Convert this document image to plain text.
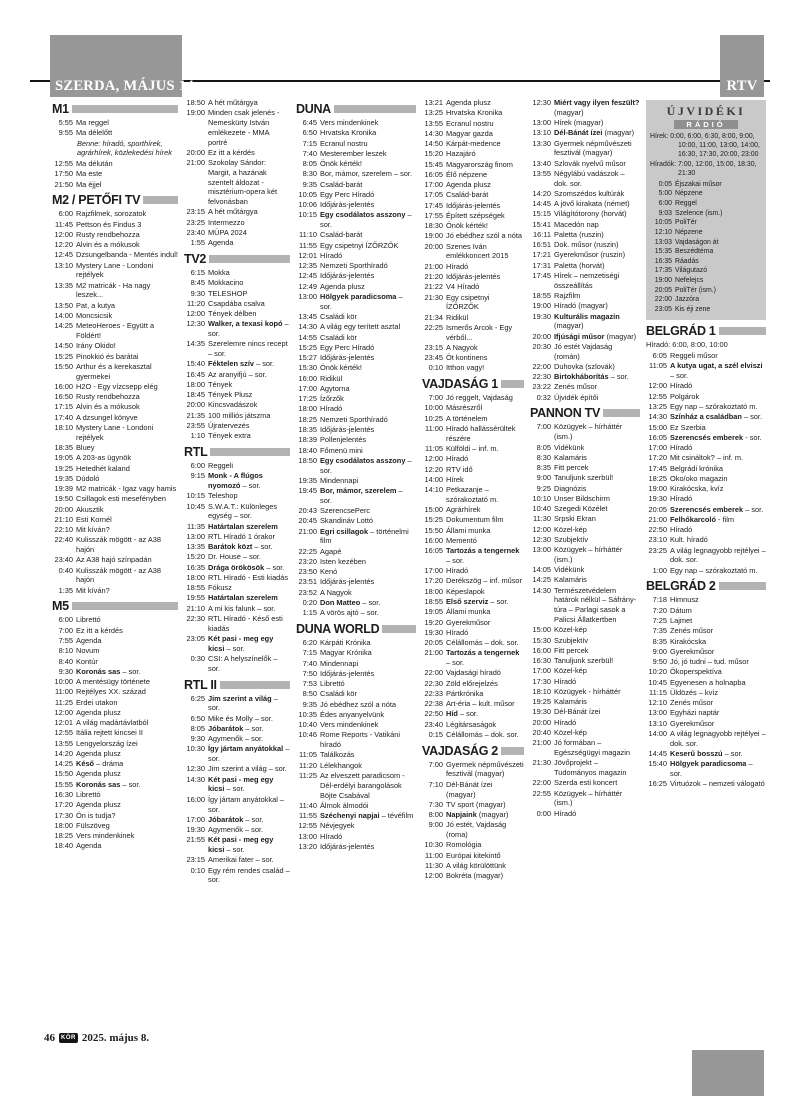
SZERDA, MÁJUS 14.	RTV
M1
5:55 Ma reggel
9:55 Ma délelőtt
Benne: híradó, sporthírek, agrárhírek, közlekedési hírek
12:55 Ma délután
17:50 Ma este
21:50 Ma éjjel
M2 / PETŐFI TV
6:00 Rajzfilmek, sorozatok
11:45 Pettson és Findus 3
12:00 Rusty rendbehozza
12:20 Alvin és a mókusok
12:45 Dzsungelbanda - Mentés indul!
13:10 Mystery Lane - Londoni rejtélyek
13:35 M2 matricák - Ha nagy leszek...
13:50 Pat, a kutya
14:00 Moncsicsik
14:25 MeteoHeroes - Együtt a Földért!
14:50 Irány Okido!
15:25 Pinokkió és barátai
15:50 Arthur és a kerekasztal gyermekei
16:00 H2O - Egy vízcsepp elég
16:50 Rusty rendbehozza
17:15 Alvin és a mókusok
17:40 A dzsungel könyve
18:10 Mystery Lane - Londoni rejtélyek
18:35 Bluey
19:05 A 203-as ügynök
19:25 Hetedhét kaland
19:35 Dúdoló
19:39 M2 matricák - Igaz vagy hamis
19:50 Csillagok esti mesefényben
20:00 Akusztik
21:10 Esti Kornél
22:10 Mit kíván?
22:40 Kulisszák mögött - az A38 hajón
23:40 Az A38 hajó színpadán
0:40 Kulisszák mögött - az A38 hajón
1:35 Mit kíván?
M5
6:00 Librettó
7:00 Ez itt a kérdés
7:55 Agenda
8:10 Novum
8:40 Kontúr
9:30 Koronás sas – sor.
10:00 A mentésügy története
11:00 Rejtélyes XX. század
11:25 Erdei utakon
12:00 Agenda plusz
12:01 A világ madártávlatból
12:55 Itália rejtett kincsei II
13:55 Lengyelország ízei
14:20 Agenda plusz
14:25 Késő – dráma
15:50 Agenda plusz
15:55 Koronás sas – sor.
16:30 Librettó
17:20 Agenda plusz
17:30 Ön is tudja?
18:00 Fülszöveg
18:25 Vers mindenkinek
18:40 Agenda
18:50 A hét műtárgya
19:00 Minden csak jelenés - Nemeskürty István emlékezete - MMA portré
20:00 Ez itt a kérdés
21:00 Szokolay Sándor: Margit, a hazának szentelt áldozat - misztérium-opera két felvonásban
23:15 A hét műtárgya
23:25 Intermezzo
23:40 MÜPA 2024
1:55 Agenda
TV2
6:15 Mokka
8:45 Mokkacino
9:30 TELESHOP
11:20 Csapdába csalva
12:00 Tények délben
12:30 Walker, a texasi kopó – sor.
14:35 Szerelemre nincs recept – sor.
15:40 Féktelen szív – sor.
16:45 Az aranyifjú – sor.
18:00 Tények
18:45 Tények Plusz
20:00 Kincsvadászok
21:35 100 milliós játszma
23:55 Újratervezés
1:10 Tények extra
RTL
6:00 Reggeli
9:15 Monk - A flúgos nyomozó – sor.
10:15 Teleshop
10:45 S.W.A.T.: Különleges egység – sor.
11:35 Határtalan szerelem
13:00 RTL Híradó 1 órakor
13:35 Barátok közt – sor.
15:20 Dr. House – sor.
16:35 Drága örökösök – sor.
18:00 RTL Híradó - Esti kiadás
18:55 Fókusz
19:55 Határtalan szerelem
21:10 A mi kis falunk – sor.
22:30 RTL Híradó - Késő esti kiadás
23:05 Két pasi - meg egy kicsi – sor.
0:30 CSI: A helyszínelők – sor.
RTL II
6:25 Jim szerint a világ – sor.
6:50 Mike és Molly – sor.
8:05 Jóbarátok – sor.
9:30 Agymenők – sor.
10:30 Így jártam anyátokkal – sor.
12:30 Jim szerint a világ – sor.
14:30 Két pasi - meg egy kicsi – sor.
16:00 Így jártam anyátokkal – sor.
17:00 Jóbarátok – sor.
19:30 Agymenők – sor.
21:55 Két pasi - meg egy kicsi – sor.
23:15 Amerikai fater – sor.
0:10 Egy rém rendes család – sor.
DUNA
6:45 Vers mindenkinek
6:50 Hrvatska Kronika
7:15 Ecranul nostru
7:40 Mesterember leszek
8:05 Önök kérték!
8:30 Bor, mámor, szerelem – sor.
9:35 Család-barát
10:05 Egy Perc Híradó
10:06 Időjárás-jelentés
10:15 Egy csodálatos asszony – sor.
11:10 Család-barát
11:55 Egy csipetnyi ÍZŐRZŐK
12:01 Híradó
12:35 Nemzeti Sporthíradó
12:45 Időjárás-jelentés
12:49 Agenda plusz
13:00 Hölgyek paradicsoma – sor.
13:45 Családi kör
14:30 A világ egy terített asztal
14:55 Családi kör
15:25 Egy Perc Híradó
15:27 Időjárás-jelentés
15:30 Önök kérték!
16:00 Ridikül
17:00 Agytorna
17:25 Ízőrzők
18:00 Híradó
18:25 Nemzeti Sporthíradó
18:35 Időjárás-jelentés
18:39 Pollenjelentés
18:40 Főmenü mini
18:50 Egy csodálatos asszony – sor.
19:35 Mindennapi
19:45 Bor, mámor, szerelem – sor.
20:43 SzerencsePerc
20:45 Skandináv Lottó
21:00 Egri csillagok – történelmi film
22:25 Agapé
23:20 Isten kezében
23:50 Kenó
23:51 Időjárás-jelentés
23:52 A Nagyok
0:20 Don Matteo – sor.
1:15 A vörös ajtó – sor.
DUNA WORLD
6:20 Kárpáti Krónika
7:15 Magyar Krónika
7:40 Mindennapi
7:50 Időjárás-jelentés
7:53 Librettó
8:50 Családi kör
9:35 Jó ebédhez szól a nóta
10:35 Édes anyanyelvünk
10:40 Vers mindenkinek
10:46 Rome Reports - Vatikáni híradó
11:05 Találkozás
11:20 Lélekhangok
11:25 Az elveszett paradicsom - Dél-erdélyi barangolások Böjte Csabával
11:40 Álmok álmodói
11:55 Széchenyi napjai – tévéfilm
12:55 Névjegyek
13:00 Híradó
13:20 Időjárás-jelentés
13:21 Agenda plusz
13:25 Hrvatska Kronika
13:55 Ecranul nostru
14:30 Magyar gazda
14:50 Kárpát-medence
15:20 Hazajáró
15:45 Magyarország finom
16:05 Élő népzene
17:00 Agenda plusz
17:05 Család-barát
17:45 Időjárás-jelentés
17:55 Épített szépségek
18:30 Önök kérték!
19:00 Jó ebédhez szól a nóta
20:00 Szenes Iván emlékkoncert 2015
21:00 Híradó
21:20 Időjárás-jelentés
21:22 V4 Híradó
21:30 Egy csipetnyi ÍZŐRZŐK
21:34 Ridikül
22:25 Ismerős Arcok - Egy vérből...
23:15 A Nagyok
23:45 Öt kontinens
0:10 Itthon vagy!
VAJDASÁG 1
7:00 Jó reggelt, Vajdaság
10:00 Másrészről
10:25 A történelem
11:00 Híradó hallássérültek részére
11:05 Külföldi – inf. m.
12:00 Híradó
12:20 RTV idő
14:00 Hírek
14:10 Petkazanje – szórakoztató m.
15:00 Agrárhírek
15:25 Dokumentum film
15:50 Állami munka
16:00 Mementó
16:05 Tartozás a tengernek – sor.
17:00 Híradó
17:20 Derékszög – inf. műsor
18:00 Képeslapok
18:55 Első szerviz – sor.
19:05 Állami munka
19:20 Gyerekműsor
19:30 Híradó
20:05 Célállomás – dok. sor.
21:00 Tartozás a tengernek – sor.
22:00 Vajdasági híradó
22:30 Zöld előrejelzés
22:33 Pártkrónika
22:38 Art-éria – kult. műsor
22:50 Híd – sor.
23:40 Légitársaságok
0:15 Célállomás – dok. sor.
VAJDASÁG 2
7:00 Gyermek népművészeti fesztivál (magyar)
7:10 Dél-Bánát ízei (magyar)
7:30 TV sport (magyar)
8:00 Napjaink (magyar)
9:00 Jó estét, Vajdaság (roma)
10:30 Romológia
11:00 Európai kitekintő
11:30 A világ körülöttünk
12:00 Bokréta (magyar)
12:30 Miért vagy ilyen feszült? (magyar)
13:00 Hírek (magyar)
13:10 Dél-Bánát ízei (magyar)
13:30 Gyermek népművészeti fesztivál (magyar)
13:40 Szlovák nyelvű műsor
13:55 Négylábú vadászok – dok. sor.
14:20 Szomszédos kultúrák
14:45 A jövő kirakata (német)
15:15 Világítótorony (horvát)
15:41 Macedón nap
16:11 Paletta (ruszin)
16:51 Dok. műsor (ruszin)
17:21 Gyerekműsor (ruszin)
17:31 Paletta (horvát)
17:45 Hírek – nemzetiségi összeállítás
18:55 Rajzfilm
19:00 Híradó (magyar)
19:30 Kulturális magazin (magyar)
20:00 Ifjúsági műsor (magyar)
20:30 Jó estét Vajdaság (román)
22:00 Duhovka (szlovák)
22:30 Birtokháborítás – sor.
23:22 Zenés műsor
0:32 Újvidék építői
PANNON TV
7:00 Közügyek – hírháttér (ism.)
8:05 Vidékünk
8:30 Kalamáris
8:35 Fitt percek
9:00 Tanuljunk szerbül!
9:25 Diagnózis
10:10 Unser Bildschirm
10:40 Szegedi Közélet
11:30 Srpski Ekran
12:00 Közel-kép
12:30 Szubjektív
13:00 Közügyek – hírháttér (ism.)
14:05 Vidékünk
14:25 Kalamáris
14:30 Természetvédelem határok nélkül – Sáfrány-túra – Parlagi sasok a Palicsi Állatkertben
15:00 Közel-kép
15:30 Szubjektív
16:00 Fitt percek
16:30 Tanuljunk szerbül!
17:00 Közel-kép
17:30 Híradó
18:10 Közügyek - hírháttér
19:25 Kalamáris
19:30 Dél-Bánát ízei
20:00 Híradó
20:40 Közel-kép
21:00 Jó formában – Egészségügyi magazin
21:30 Jövőprojekt – Tudományos magazin
22:00 Szerda esti koncert
22:55 Közügyek – hírháttér (ism.)
0:00 Híradó
ÚJVIDÉKI
RÁDIÓ
Hírek: 0:00, 6:00, 6:30, 8:00, 9:00, 10:00, 11:00, 13:00, 14:00, 16:30, 17:30, 20:00, 23:00
Híradók: 7:00, 12:00, 15:00, 18:30, 21:30
0:05 Éjszakai műsor
5:00 Népzene
6:00 Reggel
9:03 Szelence (ism.)
10:05 PoliTér
12:10 Népzene
13:03 Vajdaságon át
15:35 Beszédtéma
16:35 Ráadás
17:35 Világutazó
19:00 Nefelejcs
20:05 PoliTér (ism.)
22:00 Jazzóra
23:05 Kis éji zene
BELGRÁD 1
Híradó: 6:00, 8:00, 10:00
6:05 Reggeli műsor
11:05 A kutya ugat, a szél elviszi – sor.
12:00 Híradó
12:55 Polgárok
13:25 Egy nap – szórakoztató m.
14:30 Színház a családban – sor.
15:00 Ez Szerbia
16:05 Szerencsés emberek - sor.
17:00 Híradó
17:20 Mit csináltok? – inf. m.
17:45 Belgrádi krónika
18:25 Oko/oko magazin
19:00 Kirakócska, kvíz
19:30 Híradó
20:05 Szerencsés emberek – sor.
21:00 Felhőkarcoló - film
22:50 Híradó
23:10 Kult. híradó
23:25 A világ legnagyobb rejtélyei – dok. sor.
1:00 Egy nap – szórakoztató m.
BELGRÁD 2
7:18 Himnusz
7:20 Dátum
7:25 Lajmet
7:35 Zenés műsor
8:35 Kirakócska
9:00 Gyerekműsor
9:50 Jó, jó tudni – tud. műsor
10:20 Ökoperspektíva
10:45 Egyenesen a holnapba
11:15 Üldözés – kvíz
12:10 Zenés műsor
13:00 Egyházi naptár
13:10 Gyerekműsor
14:00 A világ legnagyobb rejtélyei – dok. sor.
14:45 Keserű bosszú – sor.
15:40 Hölgyek paradicsoma – sor.
16:25 Virtuózok – nemzeti válogató
46	KÖR 2025. május 8.
